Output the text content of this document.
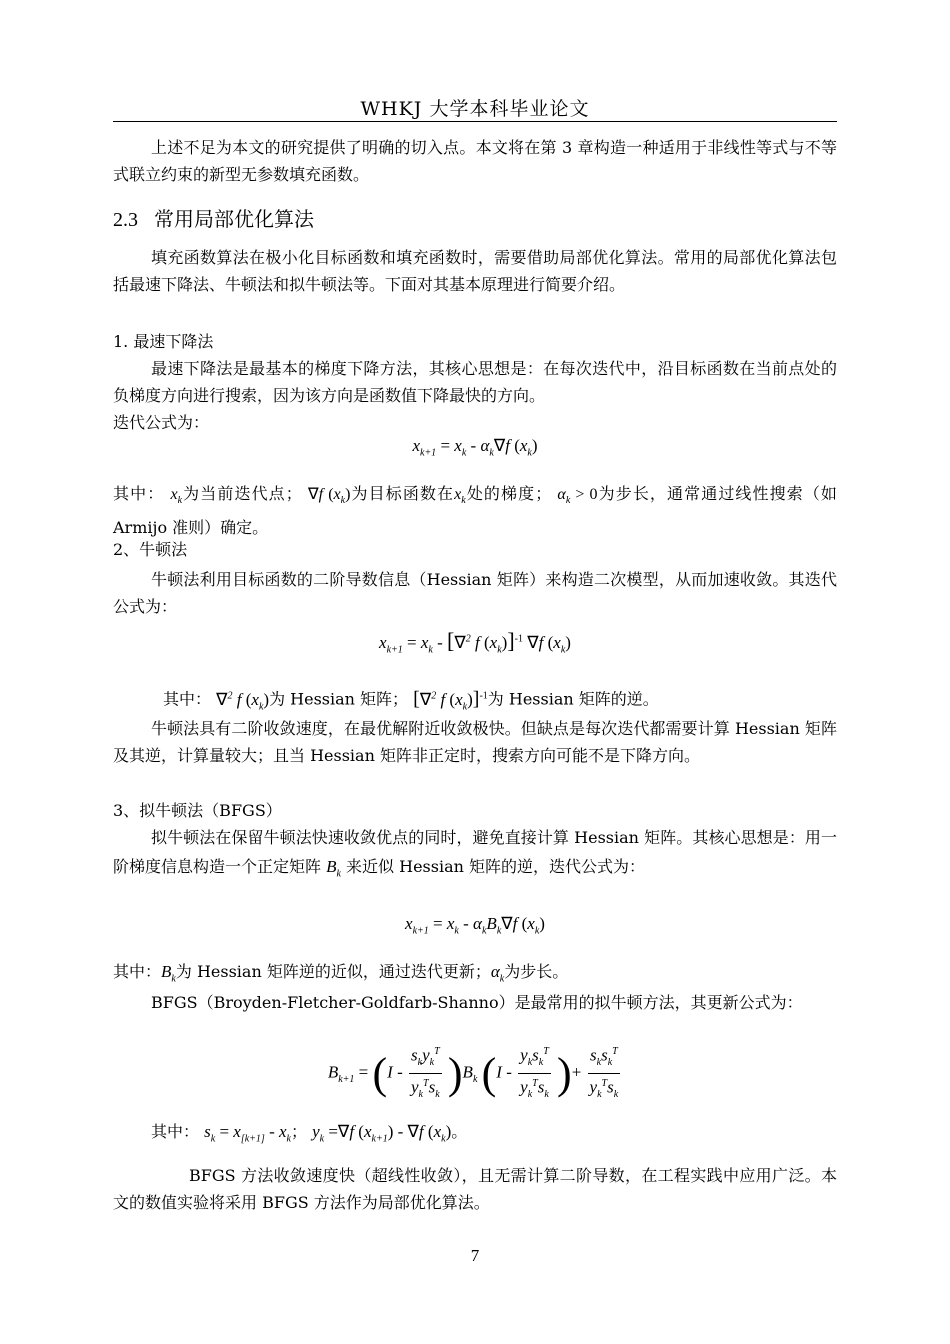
WHKJ 大学本科毕业论文
上述不足为本文的研究提供了明确的切入点。本文将在第 3 章构造一种适用于非线性等式与不等式联立约束的新型无参数填充函数。
2.3 常用局部优化算法
填充函数算法在极小化目标函数和填充函数时，需要借助局部优化算法。常用的局部优化算法包括最速下降法、牛顿法和拟牛顿法等。下面对其基本原理进行简要介绍。
1. 最速下降法
最速下降法是最基本的梯度下降方法，其核心思想是：在每次迭代中，沿目标函数在当前点处的负梯度方向进行搜索，因为该方向是函数值下降最快的方向。
迭代公式为：
$x_{k+1} = x_k - \alpha_k\nabla f$ $(x_k)$
其中： $x_k$为当前迭代点； ∇f $(x_k)$为目标函数在$x_k$处的梯度； $\alpha_k > 0$为步长，通常通过线性搜索（如 Armijo 准则）确定。
2、牛顿法
牛顿法利用目标函数的二阶导数信息（Hessian 矩阵）来构造二次模型，从而加速收敛。其迭代公式为：
$x_{k+1} = x_k - [\nabla^2$ f $(x_k)]^{-1}$ ∇f $(x_k)$
其中： ∇$^2$ f $(x_k)$为 Hessian 矩阵； [∇$^2$ f $(x_k)]^{-1}$为 Hessian 矩阵的逆。
牛顿法具有二阶收敛速度，在最优解附近收敛极快。但缺点是每次迭代都需要计算 Hessian 矩阵及其逆，计算量较大；且当 Hessian 矩阵非正定时，搜索方向可能不是下降方向。
3、拟牛顿法（BFGS）
拟牛顿法在保留牛顿法快速收敛优点的同时，避免直接计算 Hessian 矩阵。其核心思想是：用一阶梯度信息构造一个正定矩阵 $B_k$ 来近似 Hessian 矩阵的逆，迭代公式为：
$x_{k+1} = x_k - \alpha_kB_k\nabla f$ $(x_k)$
其中：$B_k$为 Hessian 矩阵逆的近似，通过迭代更新；$\alpha_k$为步长。
BFGS（Broyden-Fletcher-Goldfarb-Shanno）是最常用的拟牛顿方法，其更新公式为：
$B_{k+1} = (I - \frac{s_ky_k^T}{y_k^Ts_k} )B_k$ ($I - \frac{y_ks_k^T}{y_k^Ts_k}$ )+ $\frac{s_ks_k^T}{y_k^Ts_k}$
其中： $s_k = x_{[k+1]} - x_k$； $y_k =\nabla f$ $(x_{k+1}) - \nabla f$ $(x_k)$。
BFGS 方法收敛速度快（超线性收敛），且无需计算二阶导数，在工程实践中应用广泛。本文的数值实验将采用 BFGS 方法作为局部优化算法。
7
